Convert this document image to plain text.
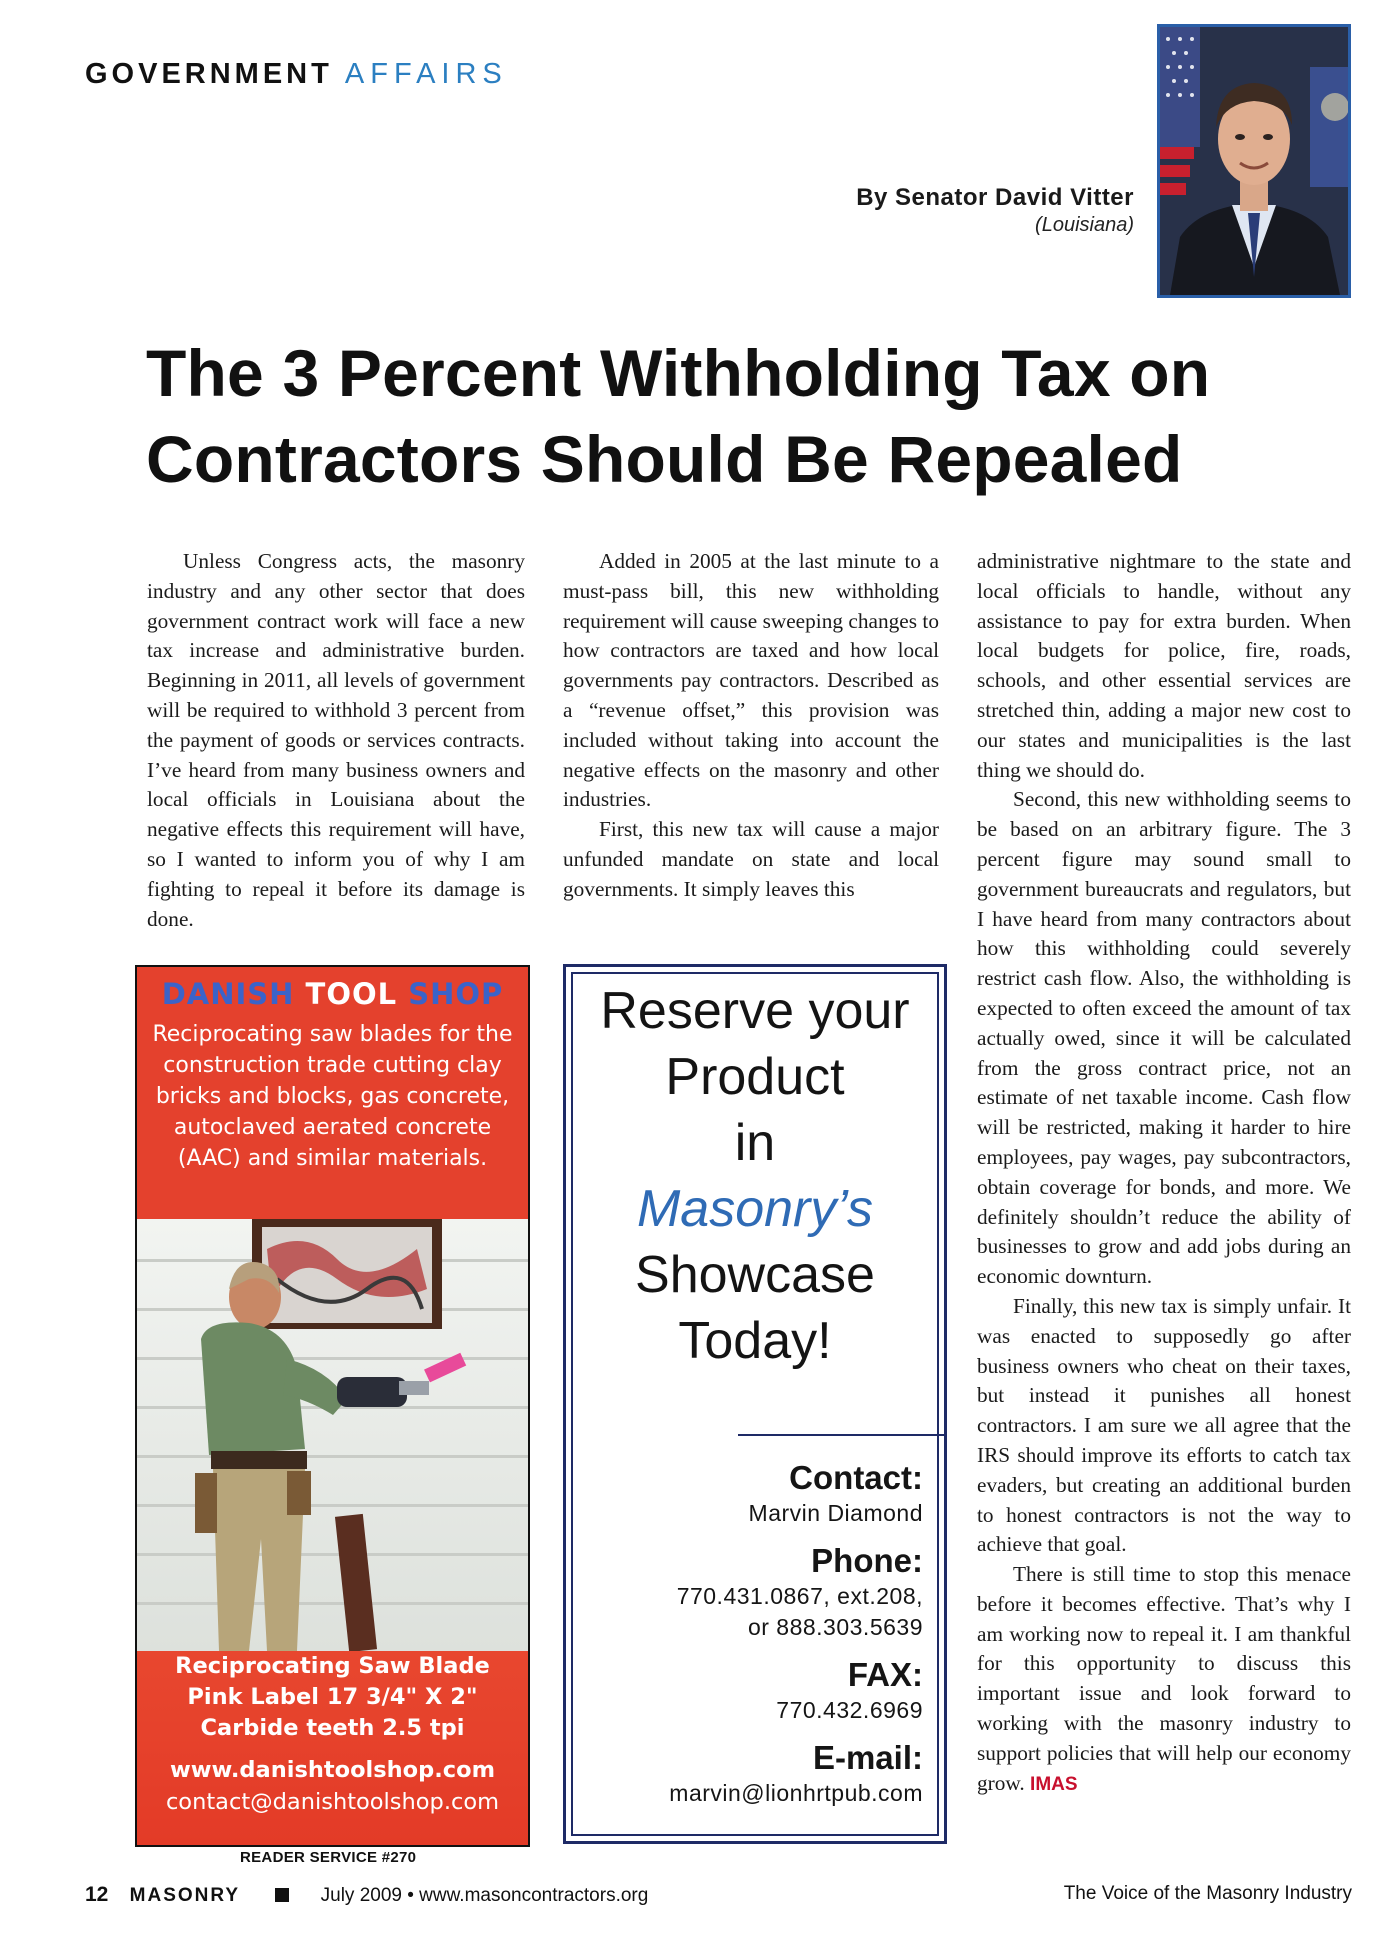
GOVERNMENT AFFAIRS
By Senator David Vitter
(Louisiana)
The 3 Percent Withholding Tax on
Contractors Should Be Repealed

Unless Congress acts, the masonry industry and any other sector that does government contract work will face a new tax increase and administrative burden. Beginning in 2011, all levels of government will be required to withhold 3 percent from the payment of goods or services contracts. I’ve heard from many business owners and local officials in Louisiana about the negative effects this requirement will have, so I wanted to inform you of why I am fighting to repeal it before its damage is done.

Added in 2005 at the last minute to a must-pass bill, this new withholding requirement will cause sweeping changes to how contractors are taxed and how local governments pay contractors. Described as a “revenue offset,” this provision was included without taking into account the negative effects on the masonry and other industries.

First, this new tax will cause a major unfunded mandate on state and local governments. It simply leaves this

administrative nightmare to the state and local officials to handle, without any assistance to pay for extra burden. When local budgets for police, fire, roads, schools, and other essential services are stretched thin, adding a major new cost to our states and municipalities is the last thing we should do.

Second, this new withholding seems to be based on an arbitrary figure. The 3 percent figure may sound small to government bureaucrats and regulators, but I have heard from many contractors about how this withholding could severely restrict cash flow. Also, the withholding is expected to often exceed the amount of tax actually owed, since it will be calculated from the gross contract price, not an estimate of net taxable income. Cash flow will be restricted, making it harder to hire employees, pay wages, pay subcontractors, obtain coverage for bonds, and more. We definitely shouldn’t reduce the ability of businesses to grow and add jobs during an economic downturn.

Finally, this new tax is simply unfair. It was enacted to supposedly go after business owners who cheat on their taxes, but instead it punishes all honest contractors. I am sure we all agree that the IRS should improve its efforts to catch tax evaders, but creating an additional burden to honest contractors is not the way to achieve that goal.

There is still time to stop this menace before it becomes effective. That’s why I am working now to repeal it. I am thankful for this opportunity to discuss this important issue and look forward to working with the masonry industry to support policies that will help our economy grow. IMAS

DANISH TOOL SHOP
Reciprocating saw blades for the construction trade cutting clay bricks and blocks, gas concrete, autoclaved aerated concrete (AAC) and similar materials.
Reciprocating Saw Blade
Pink Label 17 3/4" X 2"
Carbide teeth 2.5 tpi
www.danishtoolshop.com
contact@danishtoolshop.com
READER SERVICE #270
Reserve your
Product
in
Masonry’s
Showcase
Today!
Contact:
Marvin Diamond
Phone:
770.431.0867, ext.208,
or 888.303.5639
FAX:
770.432.6969
E-mail:
marvin@lionhrtpub.com
12 MASONRY	July 2009 • www.masoncontractors.org	The Voice of the Masonry Industry
